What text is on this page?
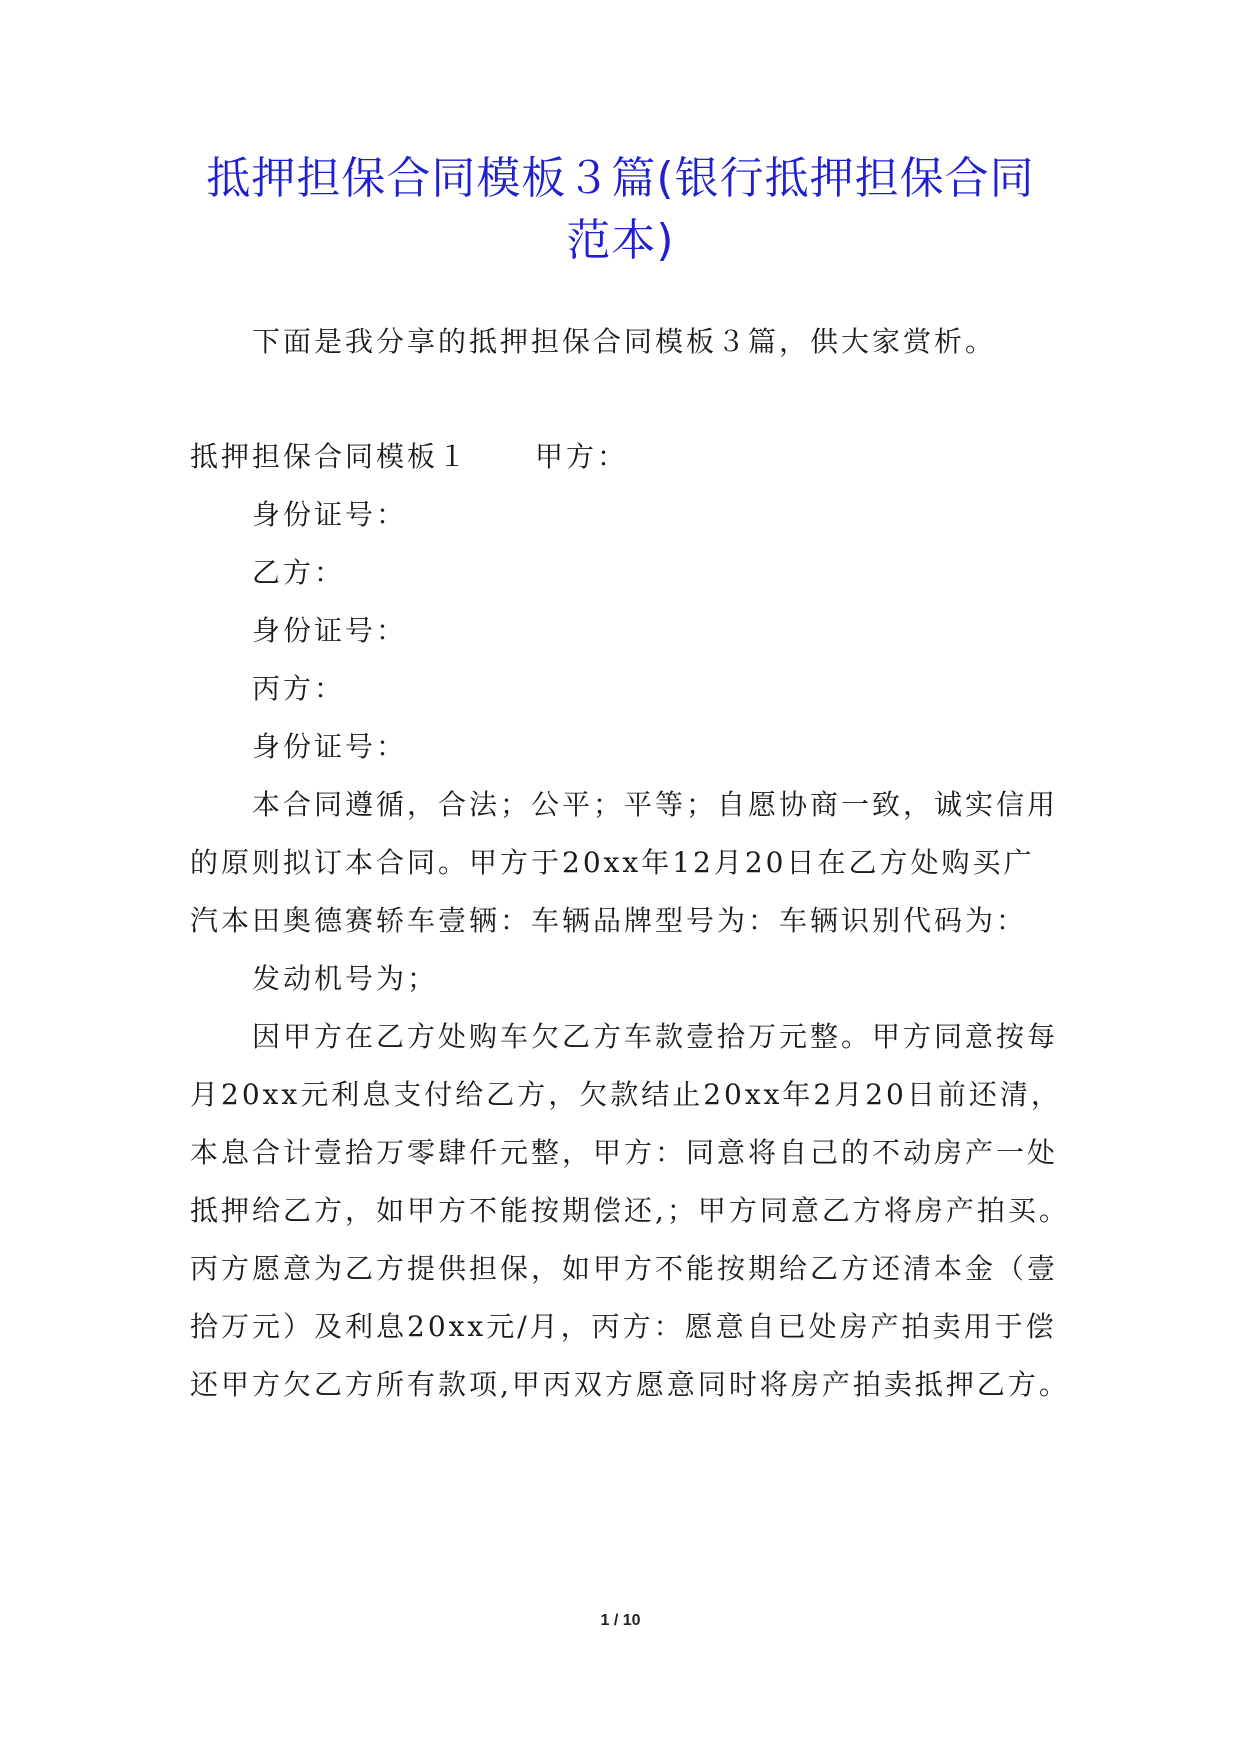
抵押担保合同模板３篇(银行抵押担保合同
范本)
下面是我分享的抵押担保合同模板３篇，供大家赏析。
抵押担保合同模板１ 甲方：
身份证号：
乙方：
身份证号：
丙方：
身份证号：
本合同遵循，合法；公平；平等；自愿协商一致，诚实信用
的原则拟订本合同。甲方于20xx年12月20日在乙方处购买广
汽本田奥德赛轿车壹辆：车辆品牌型号为：车辆识别代码为：
发动机号为；
因甲方在乙方处购车欠乙方车款壹拾万元整。甲方同意按每
月20xx元利息支付给乙方，欠款结止20xx年2月20日前还清，
本息合计壹拾万零肆仟元整，甲方：同意将自己的不动房产一处
抵押给乙方，如甲方不能按期偿还,；甲方同意乙方将房产拍买。
丙方愿意为乙方提供担保，如甲方不能按期给乙方还清本金（壹
拾万元）及利息20xx元/月，丙方：愿意自已处房产拍卖用于偿
还甲方欠乙方所有款项,甲丙双方愿意同时将房产拍卖抵押乙方。
1 / 10
